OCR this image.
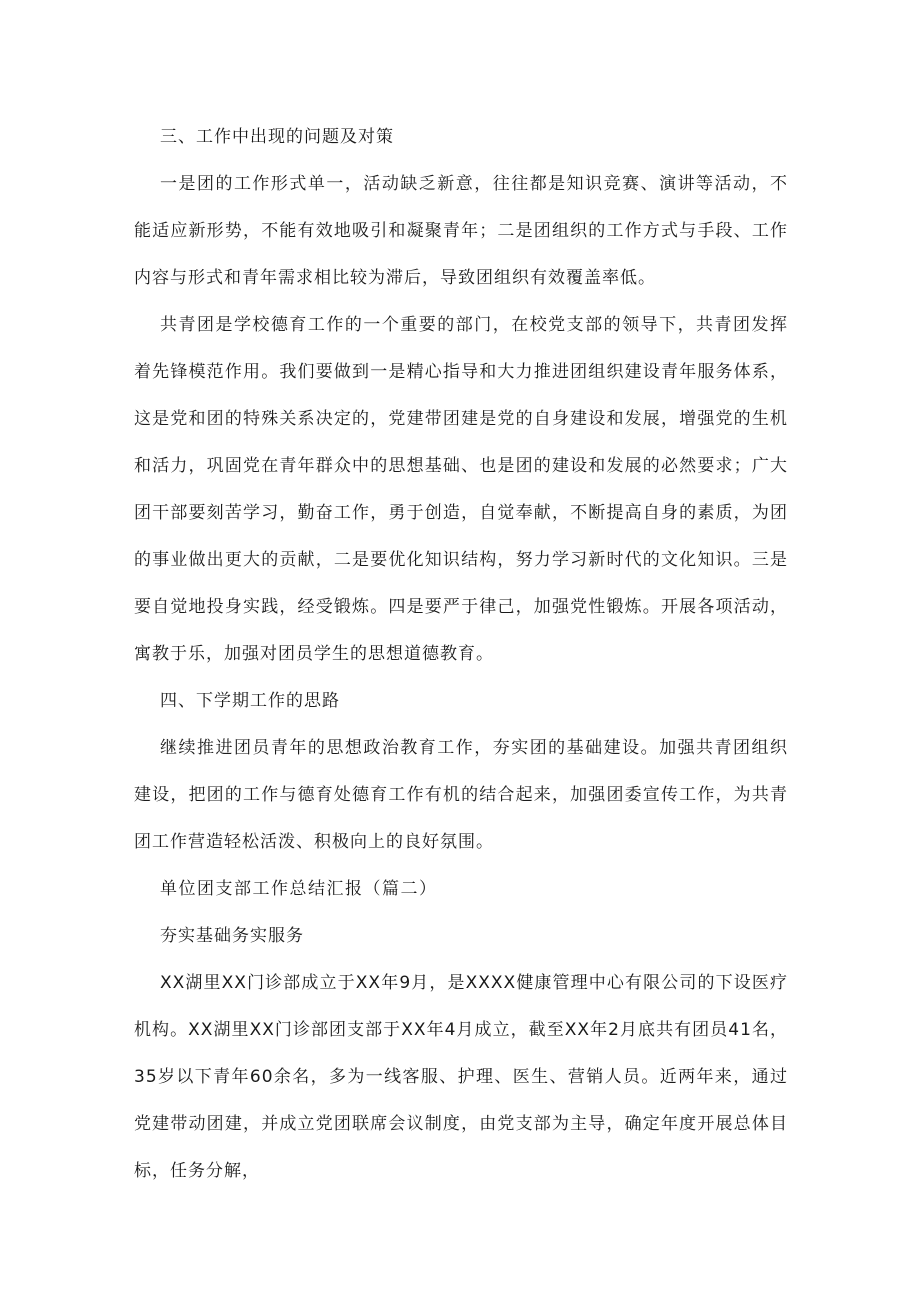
三、工作中出现的问题及对策

一是团的工作形式单一，活动缺乏新意，往往都是知识竞赛、演讲等活动，不能适应新形势，不能有效地吸引和凝聚青年；二是团组织的工作方式与手段、工作内容与形式和青年需求相比较为滞后，导致团组织有效覆盖率低。

共青团是学校德育工作的一个重要的部门，在校党支部的领导下，共青团发挥着先锋模范作用。我们要做到一是精心指导和大力推进团组织建设青年服务体系，这是党和团的特殊关系决定的，党建带团建是党的自身建设和发展，增强党的生机和活力，巩固党在青年群众中的思想基础、也是团的建设和发展的必然要求；广大团干部要刻苦学习，勤奋工作，勇于创造，自觉奉献，不断提高自身的素质，为团的事业做出更大的贡献，二是要优化知识结构，努力学习新时代的文化知识。三是要自觉地投身实践，经受锻炼。四是要严于律己，加强党性锻炼。开展各项活动，寓教于乐，加强对团员学生的思想道德教育。

四、下学期工作的思路

继续推进团员青年的思想政治教育工作，夯实团的基础建设。加强共青团组织建设，把团的工作与德育处德育工作有机的结合起来，加强团委宣传工作，为共青团工作营造轻松活泼、积极向上的良好氛围。

单位团支部工作总结汇报（篇二）

夯实基础务实服务

XX湖里XX门诊部成立于XX年9月，是XXXX健康管理中心有限公司的下设医疗机构。XX湖里XX门诊部团支部于XX年4月成立，截至XX年2月底共有团员41名，35岁以下青年60余名，多为一线客服、护理、医生、营销人员。近两年来，通过党建带动团建，并成立党团联席会议制度，由党支部为主导，确定年度开展总体目标，任务分解，
